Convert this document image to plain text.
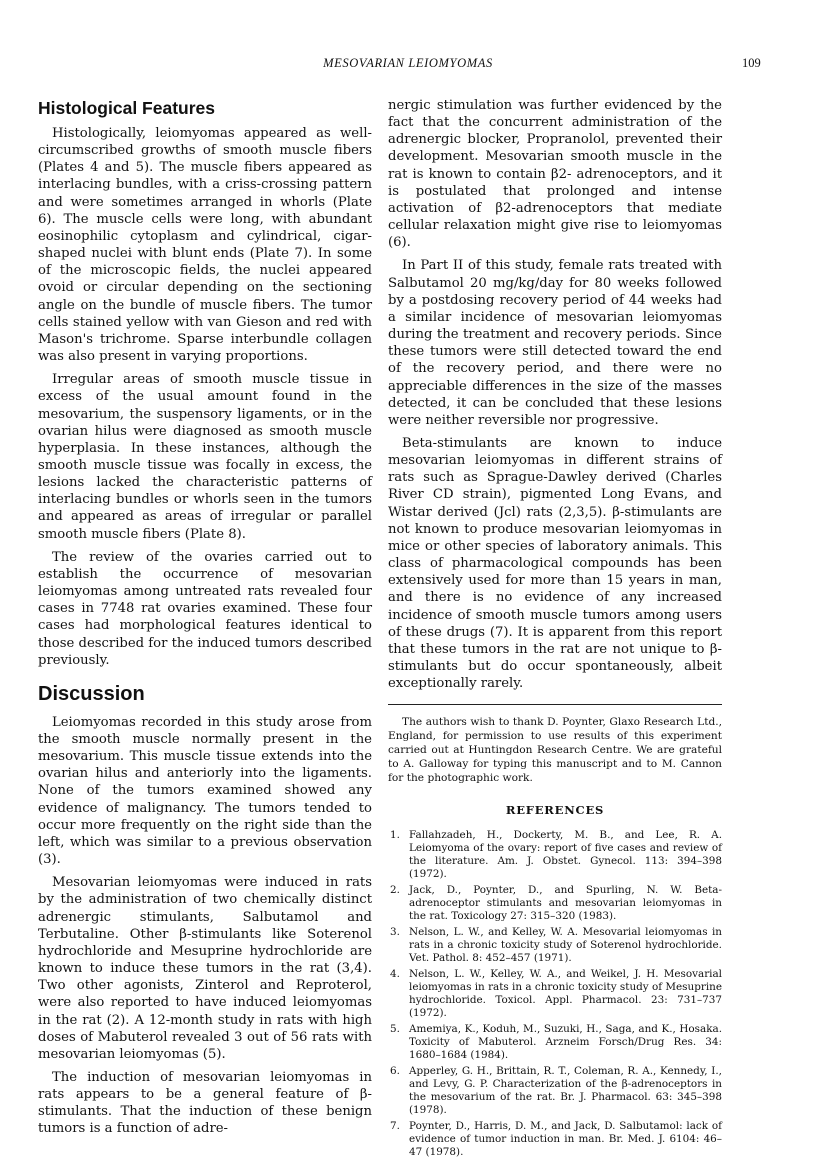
MESOVARIAN LEIOMYOMAS	109
Histological Features

Histologically, leiomyomas appeared as well-circumscribed growths of smooth muscle fibers (Plates 4 and 5). The muscle fibers appeared as interlacing bundles, with a criss-crossing pattern and were sometimes arranged in whorls (Plate 6). The muscle cells were long, with abundant eosinophilic cytoplasm and cylindrical, cigar-shaped nuclei with blunt ends (Plate 7). In some of the microscopic fields, the nuclei appeared ovoid or circular depending on the sectioning angle on the bundle of muscle fibers. The tumor cells stained yellow with van Gieson and red with Mason's trichrome. Sparse interbundle collagen was also present in varying proportions.

Irregular areas of smooth muscle tissue in excess of the usual amount found in the mesovarium, the suspensory ligaments, or in the ovarian hilus were diagnosed as smooth muscle hyperplasia. In these instances, although the smooth muscle tissue was focally in excess, the lesions lacked the characteristic patterns of interlacing bundles or whorls seen in the tumors and appeared as areas of irregular or parallel smooth muscle fibers (Plate 8).

The review of the ovaries carried out to establish the occurrence of mesovarian leiomyomas among untreated rats revealed four cases in 7748 rat ovaries examined. These four cases had morphological features identical to those described for the induced tumors described previously.

Discussion

Leiomyomas recorded in this study arose from the smooth muscle normally present in the mesovarium. This muscle tissue extends into the ovarian hilus and anteriorly into the ligaments. None of the tumors examined showed any evidence of malignancy. The tumors tended to occur more frequently on the right side than the left, which was similar to a previous observation (3).

Mesovarian leiomyomas were induced in rats by the administration of two chemically distinct adrenergic stimulants, Salbutamol and Terbutaline. Other β-stimulants like Soterenol hydrochloride and Mesuprine hydrochloride are known to induce these tumors in the rat (3,4). Two other agonists, Zinterol and Reproterol, were also reported to have induced leiomyomas in the rat (2). A 12-month study in rats with high doses of Mabuterol revealed 3 out of 56 rats with mesovarian leiomyomas (5).

The induction of mesovarian leiomyomas in rats appears to be a general feature of β-stimulants. That the induction of these benign tumors is a function of adre-

nergic stimulation was further evidenced by the fact that the concurrent administration of the adrenergic blocker, Propranolol, prevented their development. Mesovarian smooth muscle in the rat is known to contain β2- adrenoceptors, and it is postulated that prolonged and intense activation of β2-adrenoceptors that mediate cellular relaxation might give rise to leiomyomas (6).

In Part II of this study, female rats treated with Salbutamol 20 mg/kg/day for 80 weeks followed by a postdosing recovery period of 44 weeks had a similar incidence of mesovarian leiomyomas during the treatment and recovery periods. Since these tumors were still detected toward the end of the recovery period, and there were no appreciable differences in the size of the masses detected, it can be concluded that these lesions were neither reversible nor progressive.

Beta-stimulants are known to induce mesovarian leiomyomas in different strains of rats such as Sprague-Dawley derived (Charles River CD strain), pigmented Long Evans, and Wistar derived (Jcl) rats (2,3,5). β-stimulants are not known to produce mesovarian leiomyomas in mice or other species of laboratory animals. This class of pharmacological compounds has been extensively used for more than 15 years in man, and there is no evidence of any increased incidence of smooth muscle tumors among users of these drugs (7). It is apparent from this report that these tumors in the rat are not unique to β-stimulants but do occur spontaneously, albeit exceptionally rarely.

The authors wish to thank D. Poynter, Glaxo Research Ltd., England, for permission to use results of this experiment carried out at Huntingdon Research Centre. We are grateful to A. Galloway for typing this manuscript and to M. Cannon for the photographic work.

REFERENCES
1. Fallahzadeh, H., Dockerty, M. B., and Lee, R. A. Leiomyoma of the ovary: report of five cases and review of the literature. Am. J. Obstet. Gynecol. 113: 394–398 (1972).
2. Jack, D., Poynter, D., and Spurling, N. W. Beta-adrenoceptor stimulants and mesovarian leiomyomas in the rat. Toxicology 27: 315–320 (1983).
3. Nelson, L. W., and Kelley, W. A. Mesovarial leiomyomas in rats in a chronic toxicity study of Soterenol hydrochloride. Vet. Pathol. 8: 452–457 (1971).
4. Nelson, L. W., Kelley, W. A., and Weikel, J. H. Mesovarial leiomyomas in rats in a chronic toxicity study of Mesuprine hydrochloride. Toxicol. Appl. Pharmacol. 23: 731–737 (1972).
5. Amemiya, K., Koduh, M., Suzuki, H., Saga, and K., Hosaka. Toxicity of Mabuterol. Arzneim Forsch/Drug Res. 34: 1680–1684 (1984).
6. Apperley, G. H., Brittain, R. T., Coleman, R. A., Kennedy, I., and Levy, G. P. Characterization of the β-adrenoceptors in the mesovarium of the rat. Br. J. Pharmacol. 63: 345–398 (1978).
7. Poynter, D., Harris, D. M., and Jack, D. Salbutamol: lack of evidence of tumor induction in man. Br. Med. J. 6104: 46–47 (1978).
